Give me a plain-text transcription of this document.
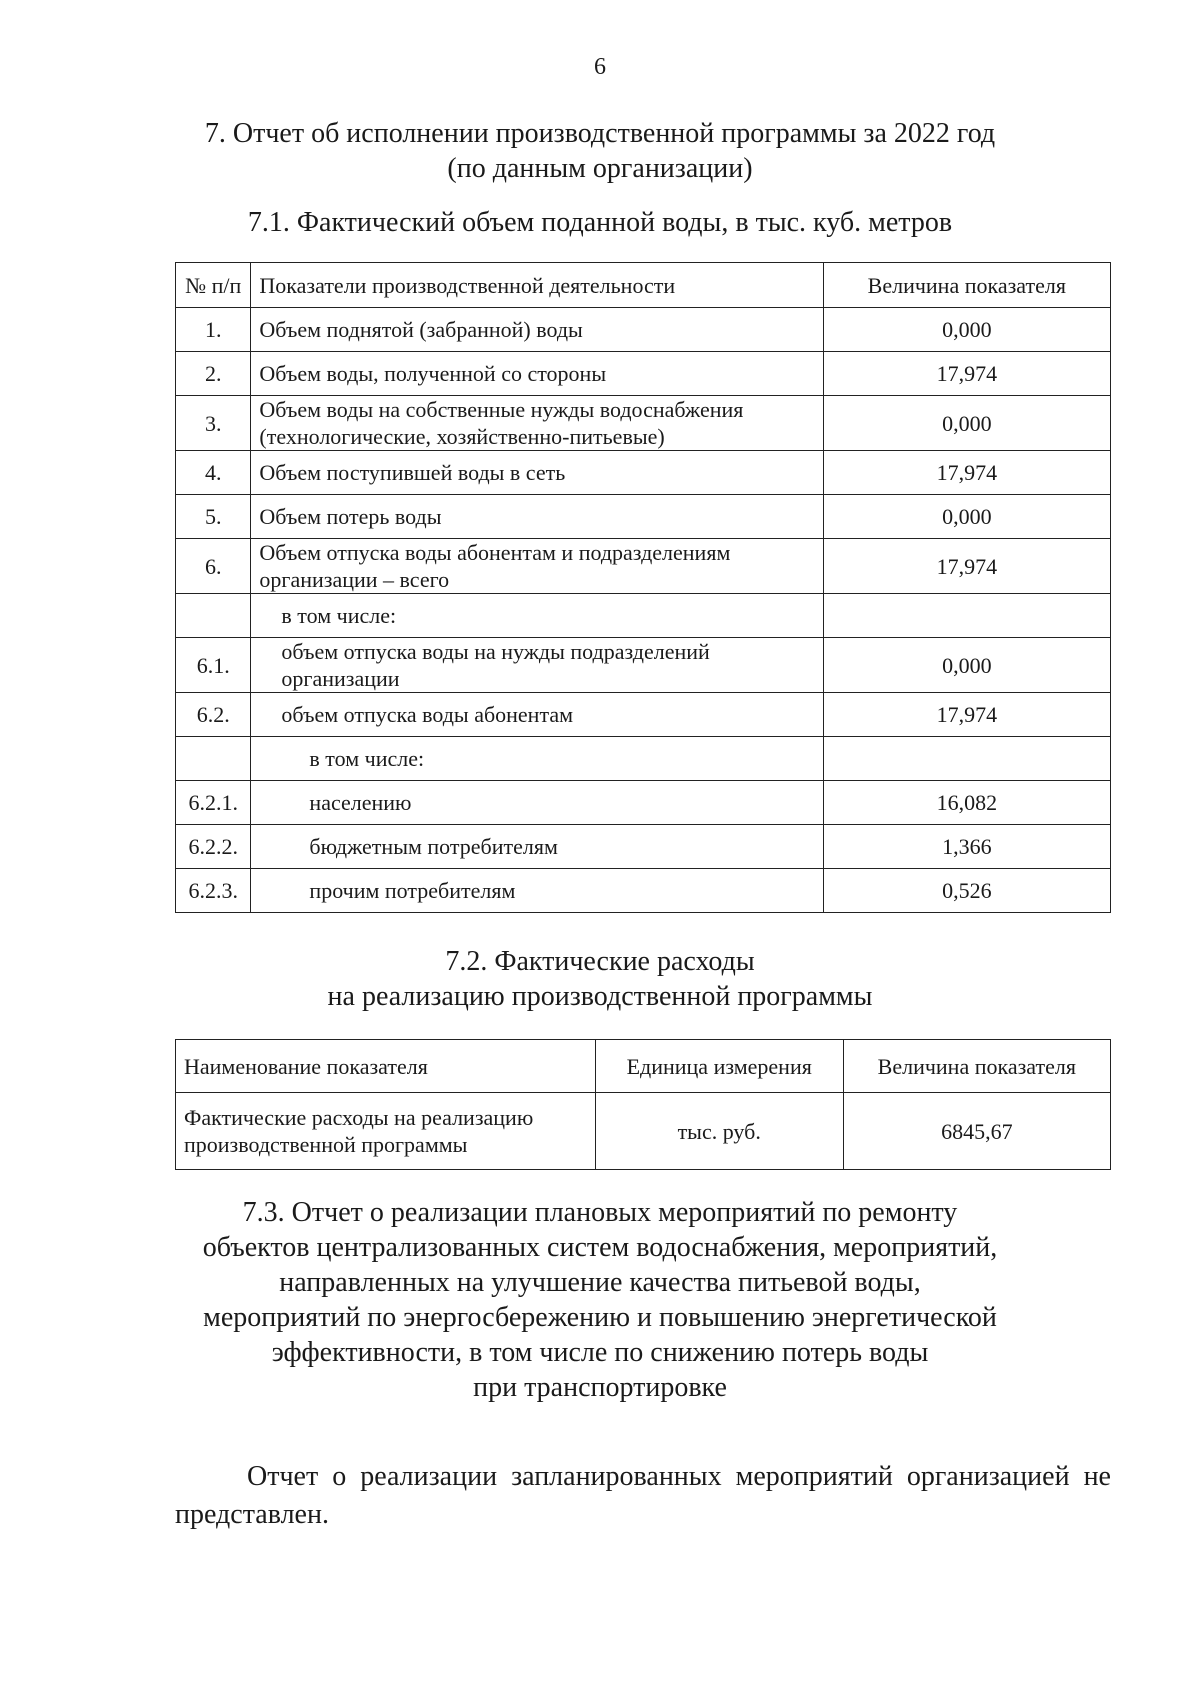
6
7. Отчет об исполнении производственной программы за 2022 год
(по данным организации)
7.1. Фактический объем поданной воды, в тыс. куб. метров
№ п/п	Показатели производственной деятельности	Величина показателя
1.	Объем поднятой (забранной) воды	0,000
2.	Объем воды, полученной со стороны	17,974
3.	Объем воды на собственные нужды водоснабжения (технологические, хозяйственно-питьевые)	0,000
4.	Объем поступившей воды в сеть	17,974
5.	Объем потерь воды	0,000
6.	Объем отпуска воды абонентам и подразделениям организации – всего	17,974
	в том числе:	
6.1.	объем отпуска воды на нужды подразделений организации	0,000
6.2.	объем отпуска воды абонентам	17,974
	в том числе:	
6.2.1.	населению	16,082
6.2.2.	бюджетным потребителям	1,366
6.2.3.	прочим потребителям	0,526
7.2. Фактические расходы
на реализацию производственной программы
Наименование показателя	Единица измерения	Величина показателя
Фактические расходы на реализацию производственной программы	тыс. руб.	6845,67
7.3. Отчет о реализации плановых мероприятий по ремонту
объектов централизованных систем водоснабжения, мероприятий,
направленных на улучшение качества питьевой воды,
мероприятий по энергосбережению и повышению энергетической
эффективности, в том числе по снижению потерь воды
при транспортировке

Отчет о реализации запланированных мероприятий организацией не представлен.
